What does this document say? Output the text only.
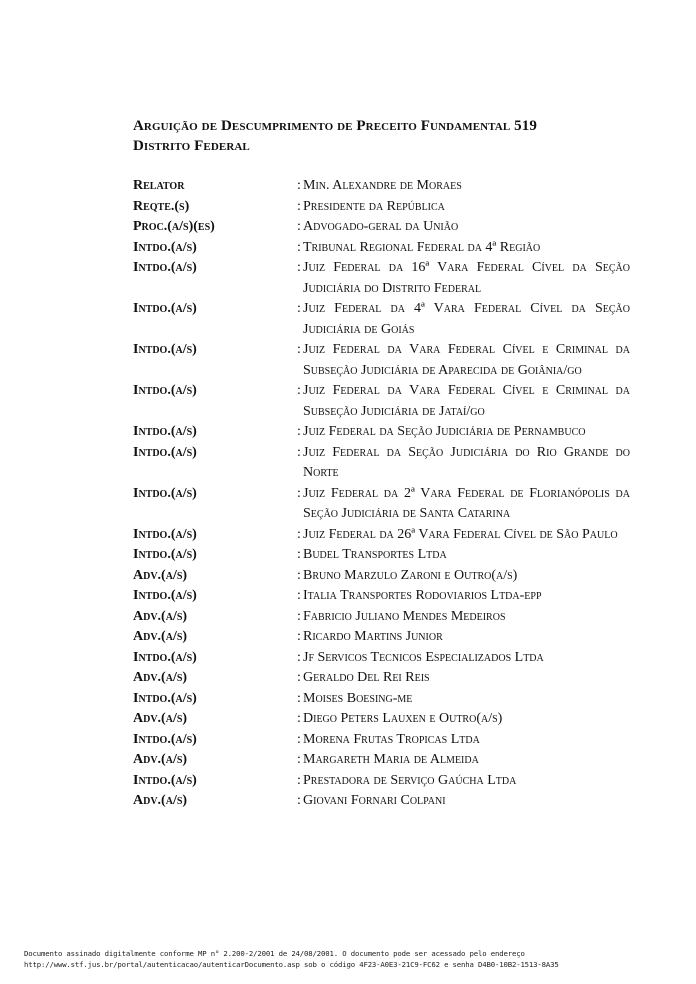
Arguição de Descumprimento de Preceito Fundamental 519
Distrito Federal
Relator	: Min. Alexandre de Moraes
Reqte.(s)	: Presidente da República
Proc.(a/s)(es)	: Advogado-geral da União
Intdo.(a/s)	: Tribunal Regional Federal da 4ª Região
Intdo.(a/s)	: Juiz Federal da 16ª Vara Federal Cível da Seção Judiciária do Distrito Federal
Intdo.(a/s)	: Juiz Federal da 4ª Vara Federal Cível da Seção Judiciária de Goiás
Intdo.(a/s)	: Juiz Federal da Vara Federal Cível e Criminal da Subseção Judiciária de Aparecida de Goiânia/go
Intdo.(a/s)	: Juiz Federal da Vara Federal Cível e Criminal da Subseção Judiciária de Jataí/go
Intdo.(a/s)	: Juiz Federal da Seção Judiciária de Pernambuco
Intdo.(a/s)	: Juiz Federal da Seção Judiciária do Rio Grande do Norte
Intdo.(a/s)	: Juiz Federal da 2ª Vara Federal de Florianópolis da Seção Judiciária de Santa Catarina
Intdo.(a/s)	: Juiz Federal da 26ª Vara Federal Cível de São Paulo
Intdo.(a/s)	: Budel Transportes Ltda
Adv.(a/s)	: Bruno Marzulo Zaroni e Outro(a/s)
Intdo.(a/s)	: Italia Transportes Rodoviarios Ltda-epp
Adv.(a/s)	: Fabricio Juliano Mendes Medeiros
Adv.(a/s)	: Ricardo Martins Junior
Intdo.(a/s)	: Jf Servicos Tecnicos Especializados Ltda
Adv.(a/s)	: Geraldo Del Rei Reis
Intdo.(a/s)	: Moises Boesing-me
Adv.(a/s)	: Diego Peters Lauxen e Outro(a/s)
Intdo.(a/s)	: Morena Frutas Tropicas Ltda
Adv.(a/s)	: Margareth Maria de Almeida
Intdo.(a/s)	: Prestadora de Serviço Gaúcha Ltda
Adv.(a/s)	: Giovani Fornari Colpani
Documento assinado digitalmente conforme MP n° 2.200-2/2001 de 24/08/2001. O documento pode ser acessado pelo endereço
http://www.stf.jus.br/portal/autenticacao/autenticarDocumento.asp sob o código 4F23-A0E3-21C9-FC62 e senha D4B0-10B2-1513-8A35
